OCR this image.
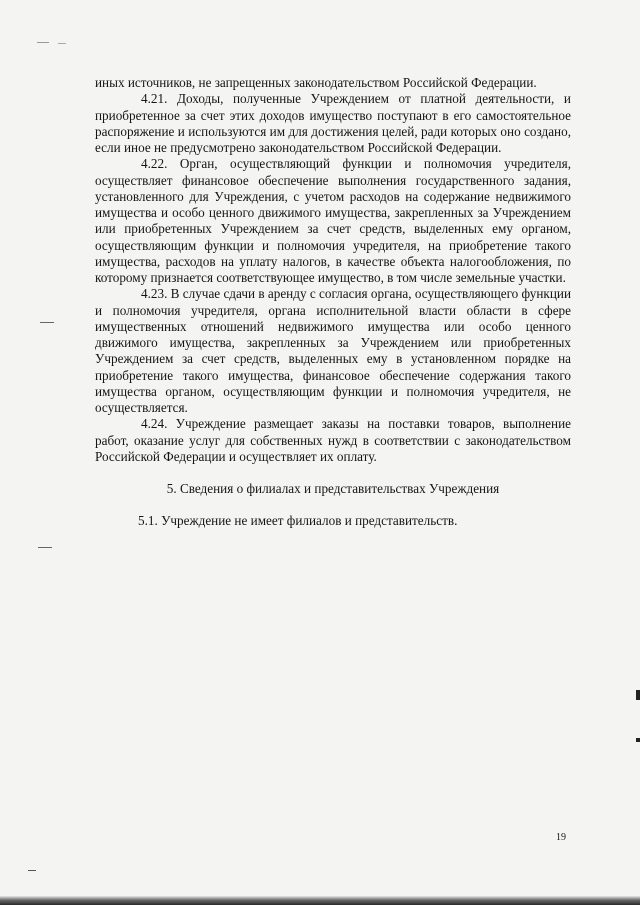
иных источников, не запрещенных законодательством Российской Федерации.

4.21. Доходы, полученные Учреждением от платной деятельности, и приобретенное за счет этих доходов имущество поступают в его самостоятельное распоряжение и используются им для достижения целей, ради которых оно создано, если иное не предусмотрено законодательством Российской Федерации.

4.22. Орган, осуществляющий функции и полномочия учредителя, осуществляет финансовое обеспечение выполнения государственного задания, установленного для Учреждения, с учетом расходов на содержание недвижимого имущества и особо ценного движимого имущества, закрепленных за Учреждением или приобретенных Учреждением за счет средств, выделенных ему органом, осуществляющим функции и полномочия учредителя, на приобретение такого имущества, расходов на уплату налогов, в качестве объекта налогообложения, по которому признается соответствующее имущество, в том числе земельные участки.

4.23. В случае сдачи в аренду с согласия органа, осуществляющего функции и полномочия учредителя, органа исполнительной власти области в сфере имущественных отношений недвижимого имущества или особо ценного движимого имущества, закрепленных за Учреждением или приобретенных Учреждением за счет средств, выделенных ему в установленном порядке на приобретение такого имущества, финансовое обеспечение содержания такого имущества органом, осуществляющим функции и полномочия учредителя, не осуществляется.

4.24. Учреждение размещает заказы на поставки товаров, выполнение работ, оказание услуг для собственных нужд в соответствии с законодательством Российской Федерации и осуществляет их оплату.

5. Сведения о филиалах и представительствах Учреждения

5.1. Учреждение не имеет филиалов и представительств.

19
